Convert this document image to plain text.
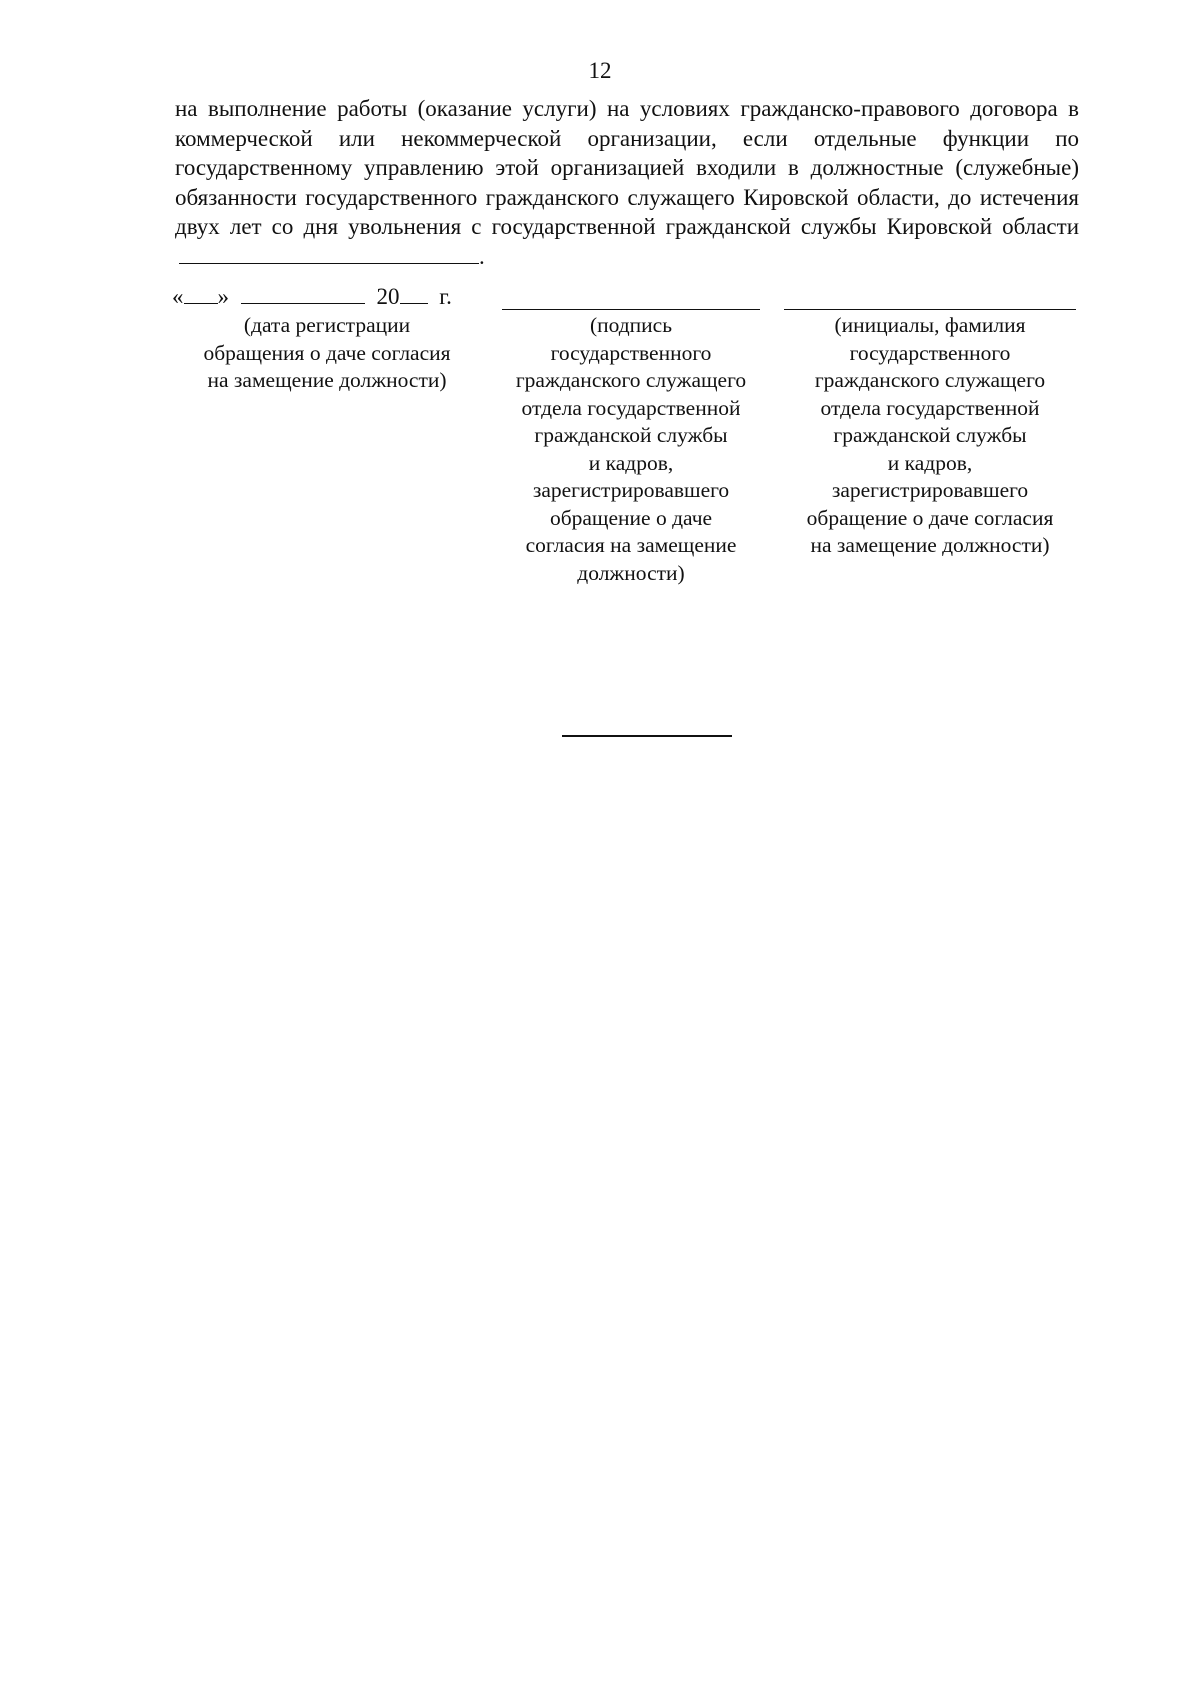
12
на выполнение работы (оказание услуги) на условиях гражданско-правового договора в коммерческой или некоммерческой организации, если отдельные функции по государственному управлению этой организацией входили в должностные (служебные) обязанности государственного гражданского служащего Кировской области, до истечения двух лет со дня увольнения с государственной гражданской службы Кировской области .
« »	20 г.
(дата регистрации
обращения о даче согласия
на замещение должности)
(подпись
государственного
гражданского служащего
отдела государственной
гражданской службы
и кадров,
зарегистрировавшего
обращение о даче
согласия на замещение
должности)
(инициалы, фамилия
государственного
гражданского служащего
отдела государственной
гражданской службы
и кадров,
зарегистрировавшего
обращение о даче согласия
на замещение должности)
